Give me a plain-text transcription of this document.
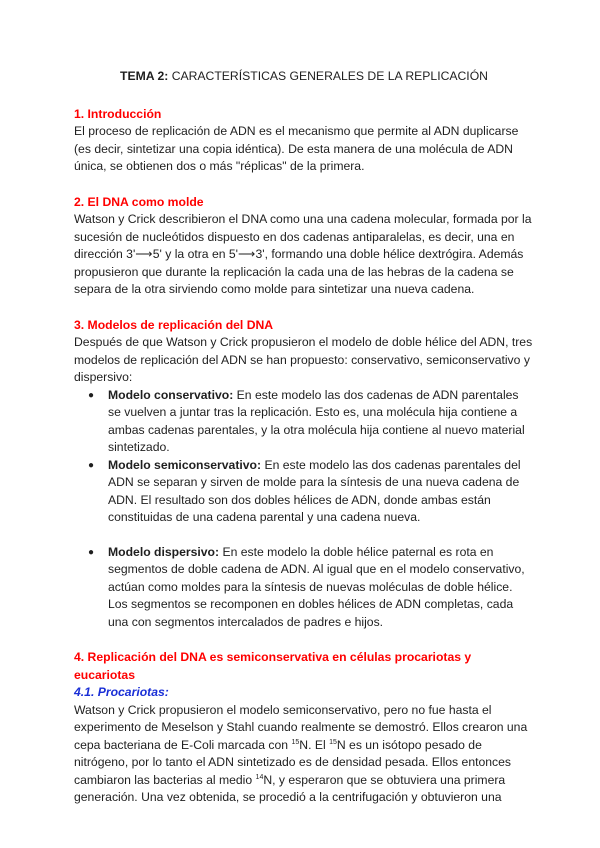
TEMA 2: CARACTERÍSTICAS GENERALES DE LA REPLICACIÓN

1. Introducción

El proceso de replicación de ADN es el mecanismo que permite al ADN duplicarse (es decir, sintetizar una copia idéntica). De esta manera de una molécula de ADN única, se obtienen dos o más "réplicas" de la primera.

2. El DNA como molde

Watson y Crick describieron el DNA como una una cadena molecular, formada por la sucesión de nucleótidos dispuesto en dos cadenas antiparalelas, es decir, una en dirección 3'⟶5' y la otra en 5'⟶3', formando una doble hélice dextrógira. Además propusieron que durante la replicación la cada una de las hebras de la cadena se separa de la otra sirviendo como molde para sintetizar una nueva cadena.

3. Modelos de replicación del DNA

Después de que Watson y Crick propusieron el modelo de doble hélice del ADN, tres modelos de replicación del ADN se han propuesto: conservativo, semiconservativo y dispersivo:

● Modelo conservativo: En este modelo las dos cadenas de ADN parentales se vuelven a juntar tras la replicación. Esto es, una molécula hija contiene a ambas cadenas parentales, y la otra molécula hija contiene al nuevo material sintetizado.
● Modelo semiconservativo: En este modelo las dos cadenas parentales del ADN se separan y sirven de molde para la síntesis de una nueva cadena de ADN. El resultado son dos dobles hélices de ADN, donde ambas están constituidas de una cadena parental y una cadena nueva.
● Modelo dispersivo: En este modelo la doble hélice paternal es rota en segmentos de doble cadena de ADN. Al igual que en el modelo conservativo, actúan como moldes para la síntesis de nuevas moléculas de doble hélice. Los segmentos se recomponen en dobles hélices de ADN completas, cada una con segmentos intercalados de padres e hijos.
4. Replicación del DNA es semiconservativa en células procariotas y eucariotas
4.1. Procariotas:

Watson y Crick propusieron el modelo semiconservativo, pero no fue hasta el experimento de Meselson y Stahl cuando realmente se demostró. Ellos crearon una cepa bacteriana de E-Coli marcada con $^{15}$N. El $^{15}$N es un isótopo pesado de nitrógeno, por lo tanto el ADN sintetizado es de densidad pesada. Ellos entonces cambiaron las bacterias al medio $^{14}$N, y esperaron que se obtuviera una primera generación. Una vez obtenida, se procedió a la centrifugación y obtuvieron una
